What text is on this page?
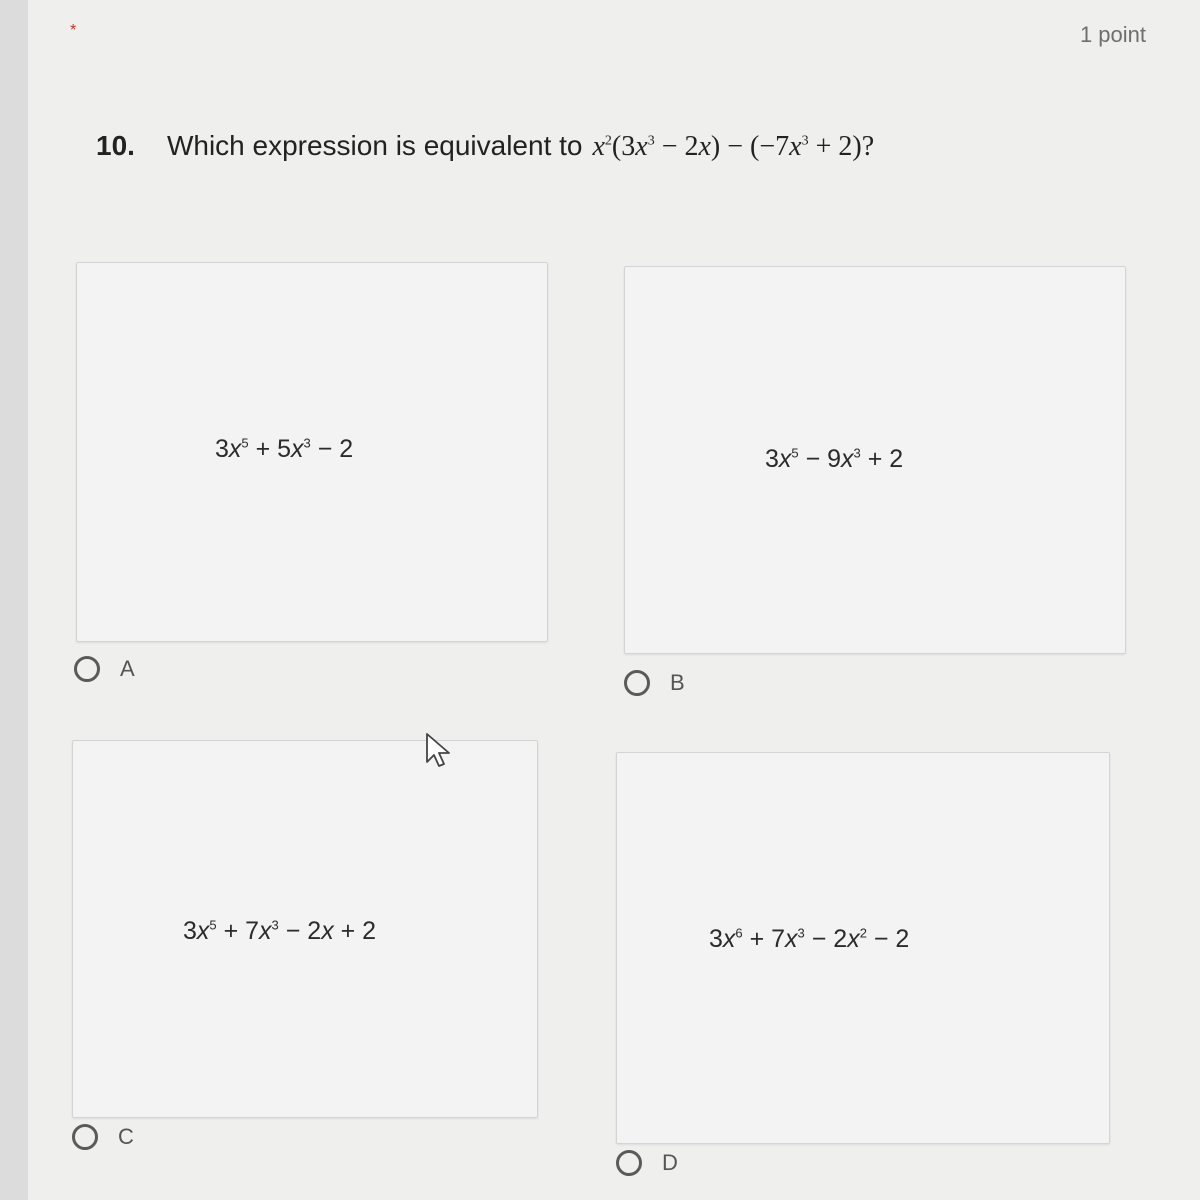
*	1 point
10. Which expression is equivalent to $x^2(3x^3 - 2x) - (-7x^3 + 2)$?
$3x^5 + 5x^3 - 2$
A
$3x^5 - 9x^3 + 2$
B
$3x^5 + 7x^3 - 2x + 2$
C
$3x^6 + 7x^3 - 2x^2 - 2$
D
